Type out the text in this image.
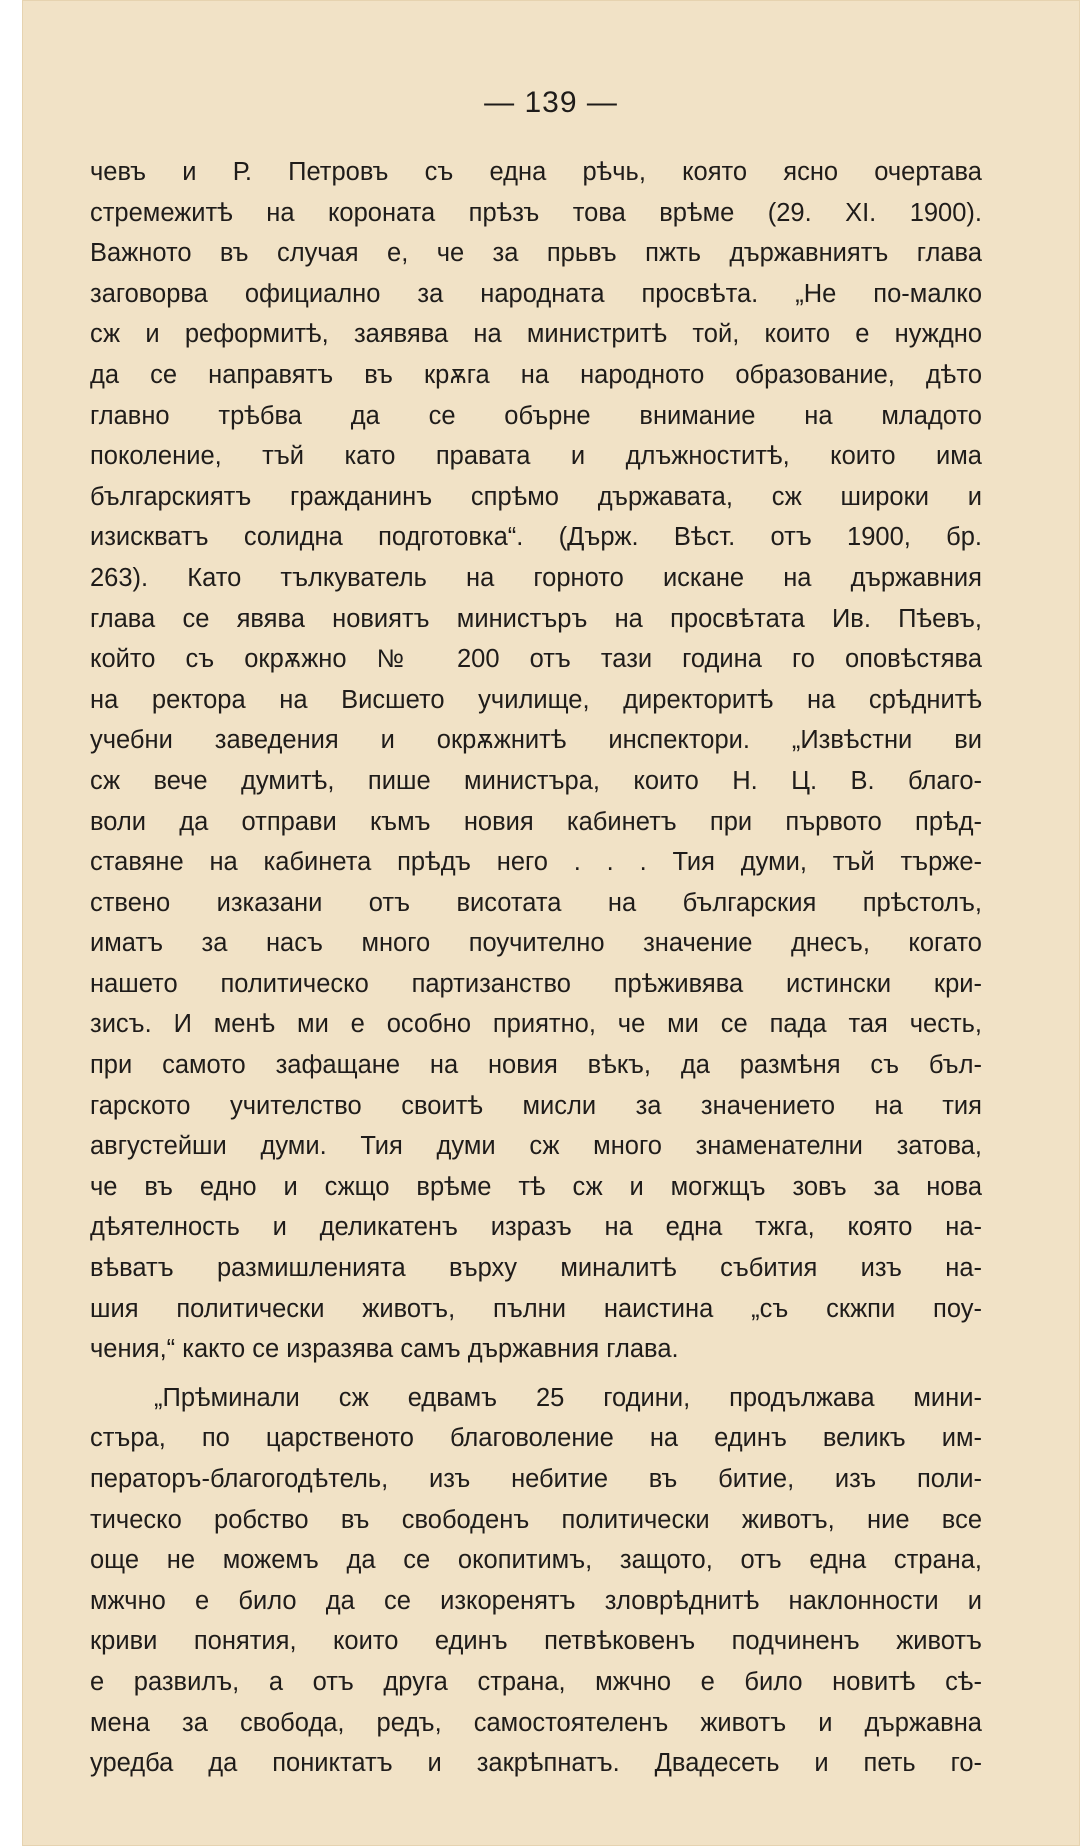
— 139 —
чевъ и Р. Петровъ съ една рѣчь, която ясно очертава
стремежитѣ на короната прѣзъ това врѣме (29. XI. 1900).
Важното въ случая е, че за прьвъ пжть държавниятъ глава
заговорва официално за народната просвѣта. „Не по-малко
сж и реформитѣ, заявява на министритѣ той, които е нуждно
да се направятъ въ крѫга на народното образование, дѣто
главно трѣбва да се обърне внимание на младото
поколение, тъй като правата и длъжноститѣ, които има
българскиятъ гражданинъ спрѣмо държавата, сж широки и
изискватъ солидна подготовка“. (Държ. Вѣст. отъ 1900, бр.
263). Като тълкуватель на горното искане на държавния
глава се явява новиятъ министъръ на просвѣтата Ив. Пѣевъ,
който съ окрѫжно № 200 отъ тази година го оповѣстява
на ректора на Висшето училище, директоритѣ на срѣднитѣ
учебни заведения и окрѫжнитѣ инспектори. „Извѣстни ви
сж вече думитѣ, пише министъра, които Н. Ц. В. благо-
воли да отправи къмъ новия кабинетъ при първото прѣд-
ставяне на кабинета прѣдъ него . . . Тия думи, тъй търже-
ствено изказани отъ висотата на българския прѣстолъ,
иматъ за насъ много поучително значение днесъ, когато
нашето политическо партизанство прѣживява истински кри-
зисъ. И менѣ ми е особно приятно, че ми се пада тая честь,
при самото зафащане на новия вѣкъ, да размѣня съ бъл-
гарското учителство своитѣ мисли за значението на тия
августейши думи. Тия думи сж много знаменателни затова,
че въ едно и сжщо врѣме тѣ сж и могжщъ зовъ за нова
дѣятелность и деликатенъ изразъ на една тжга, която на-
вѣватъ размишленията върху миналитѣ събития изъ на-
шия политически животъ, пълни наистина „съ скжпи поу-
чения,“ както се изразява самъ държавния глава.
„Прѣминали сж едвамъ 25 години, продължава мини-
стъра, по царственото благоволение на единъ великъ им-
ператоръ-благогодѣтель, изъ небитие въ битие, изъ поли-
тическо робство въ свободенъ политически животъ, ние все
още не можемъ да се окопитимъ, защото, отъ една страна,
мжчно е било да се изкоренятъ зловрѣднитѣ наклонности и
криви понятия, които единъ петвѣковенъ подчиненъ животъ
е развилъ, а отъ друга страна, мжчно е било новитѣ сѣ-
мена за свобода, редъ, самостоятеленъ животъ и държавна
уредба да пониктатъ и закрѣпнатъ. Двадесеть и петь го-
